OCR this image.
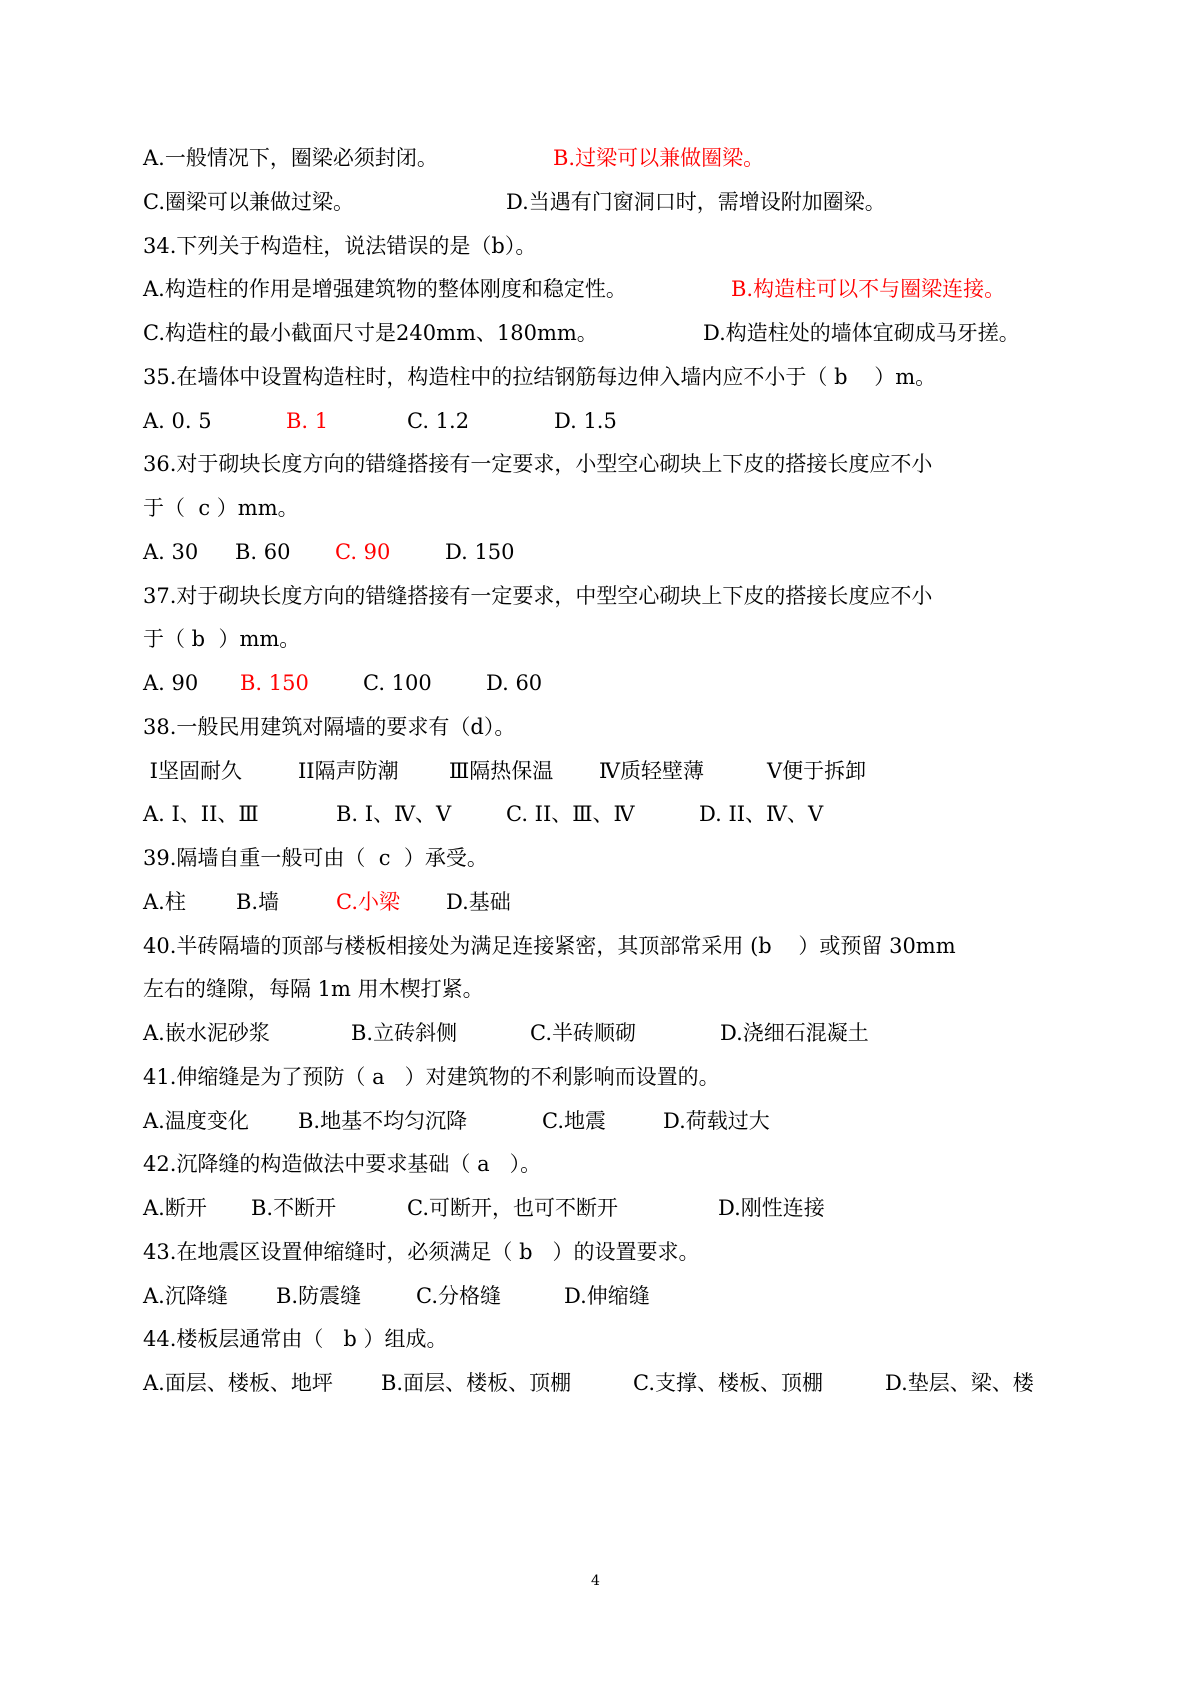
A.一般情况下，圈梁必须封闭。	B.过梁可以兼做圈梁。
C.圈梁可以兼做过梁。	D.当遇有门窗洞口时，需增设附加圈梁。
34.下列关于构造柱，说法错误的是（b）。
A.构造柱的作用是增强建筑物的整体刚度和稳定性。	B.构造柱可以不与圈梁连接。
C.构造柱的最小截面尺寸是240mm、180mm。	D.构造柱处的墙体宜砌成马牙搓。
35.在墙体中设置构造柱时，构造柱中的拉结钢筋每边伸入墙内应不小于（ b    ）m。
A. 0. 5	B. 1	C. 1.2	D. 1.5
36.对于砌块长度方向的错缝搭接有一定要求，小型空心砌块上下皮的搭接长度应不小
于（  c ）mm。
A. 30 B. 60 C. 90	D. 150
37.对于砌块长度方向的错缝搭接有一定要求，中型空心砌块上下皮的搭接长度应不小
于（ b  ）mm。
A. 90 B. 150	C. 100	D. 60
38.一般民用建筑对隔墙的要求有（d）。
Ⅰ坚固耐久	ⅠⅠ隔声防潮 Ⅲ隔热保温 Ⅳ质轻壁薄	Ⅴ便于拆卸
A. Ⅰ、ⅠⅠ、Ⅲ	B. Ⅰ、Ⅳ、Ⅴ	C. ⅠⅠ、Ⅲ、Ⅳ	D. ⅠⅠ、Ⅳ、Ⅴ
39.隔墙自重一般可由（  c  ）承受。
A.柱 B.墙	C.小梁 D.基础
40.半砖隔墙的顶部与楼板相接处为满足连接紧密，其顶部常采用 (b    ）或预留 30mm
左右的缝隙，每隔 1m 用木楔打紧。
A.嵌水泥砂浆	B.立砖斜侧	C.半砖顺砌	D.浇细石混凝土
41.伸缩缝是为了预防（ a   ）对建筑物的不利影响而设置的。
A.温度变化 B.地基不均匀沉降	C.地震	D.荷载过大
42.沉降缝的构造做法中要求基础（ a   ）。
A.断开 B.不断开	C.可断开，也可不断开	D.刚性连接
43.在地震区设置伸缩缝时，必须满足（ b   ）的设置要求。
A.沉降缝 B.防震缝	C.分格缝	D.伸缩缝
44.楼板层通常由（   b ）组成。
A.面层、楼板、地坪 B.面层、楼板、顶棚	C.支撑、楼板、顶棚	D.垫层、梁、楼
4
